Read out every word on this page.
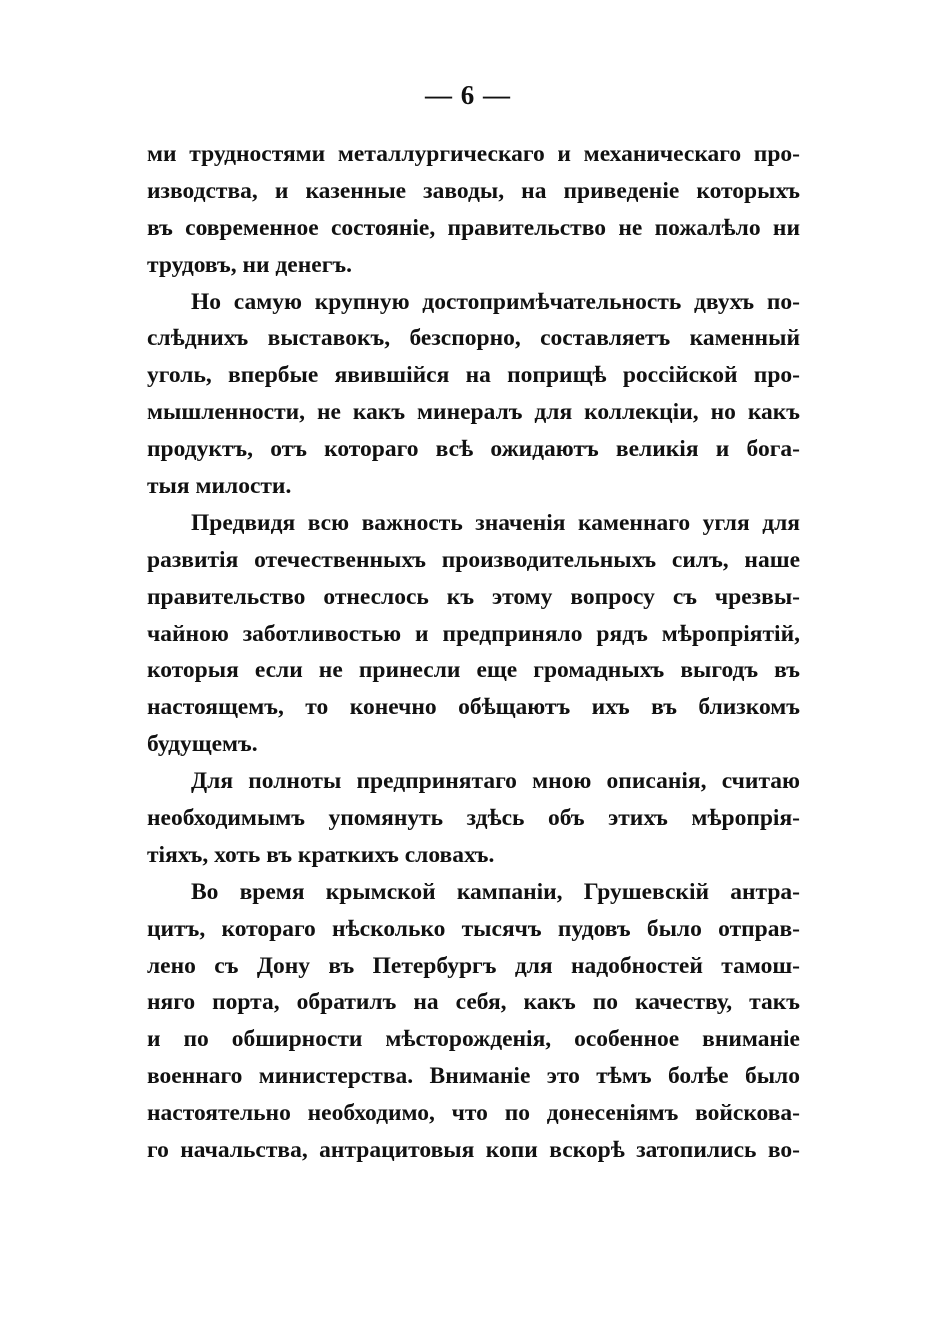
— 6 —
ми трудностями металлургическаго и механическаго про-
изводства, и казенные заводы, на приведеніе которыхъ
въ современное состояніе, правительство не пожалѣло ни
трудовъ, ни денегъ.
Но самую крупную достопримѣчательность двухъ по-
слѣднихъ выставокъ, безспорно, составляетъ каменный
уголь, впербые явившійся на поприщѣ россійской про-
мышленности, не какъ минералъ для коллекціи, но какъ
продуктъ, отъ котораго всѣ ожидаютъ великія и бога-
тыя милости.
Предвидя всю важность значенія каменнаго угля для
развитія отечественныхъ производительныхъ силъ, наше
правительство отнеслось къ этому вопросу съ чрезвы-
чайною заботливостью и предприняло рядъ мѣропріятій,
которыя если не принесли еще громадныхъ выгодъ въ
настоящемъ, то конечно обѣщаютъ ихъ въ близкомъ
будущемъ.
Для полноты предпринятаго мною описанія, считаю
необходимымъ упомянуть здѣсь объ этихъ мѣропрія-
тіяхъ, хоть въ краткихъ словахъ.
Во время крымской кампаніи, Грушевскій антра-
цитъ, котораго нѣсколько тысячъ пудовъ было отправ-
лено съ Дону въ Петербургъ для надобностей тамош-
няго порта, обратилъ на себя, какъ по качеству, такъ
и по обширности мѣсторожденія, особенное вниманіе
военнаго министерства. Вниманіе это тѣмъ болѣе было
настоятельно необходимо, что по донесеніямъ войскова-
го начальства, антрацитовыя копи вскорѣ затопились во-
